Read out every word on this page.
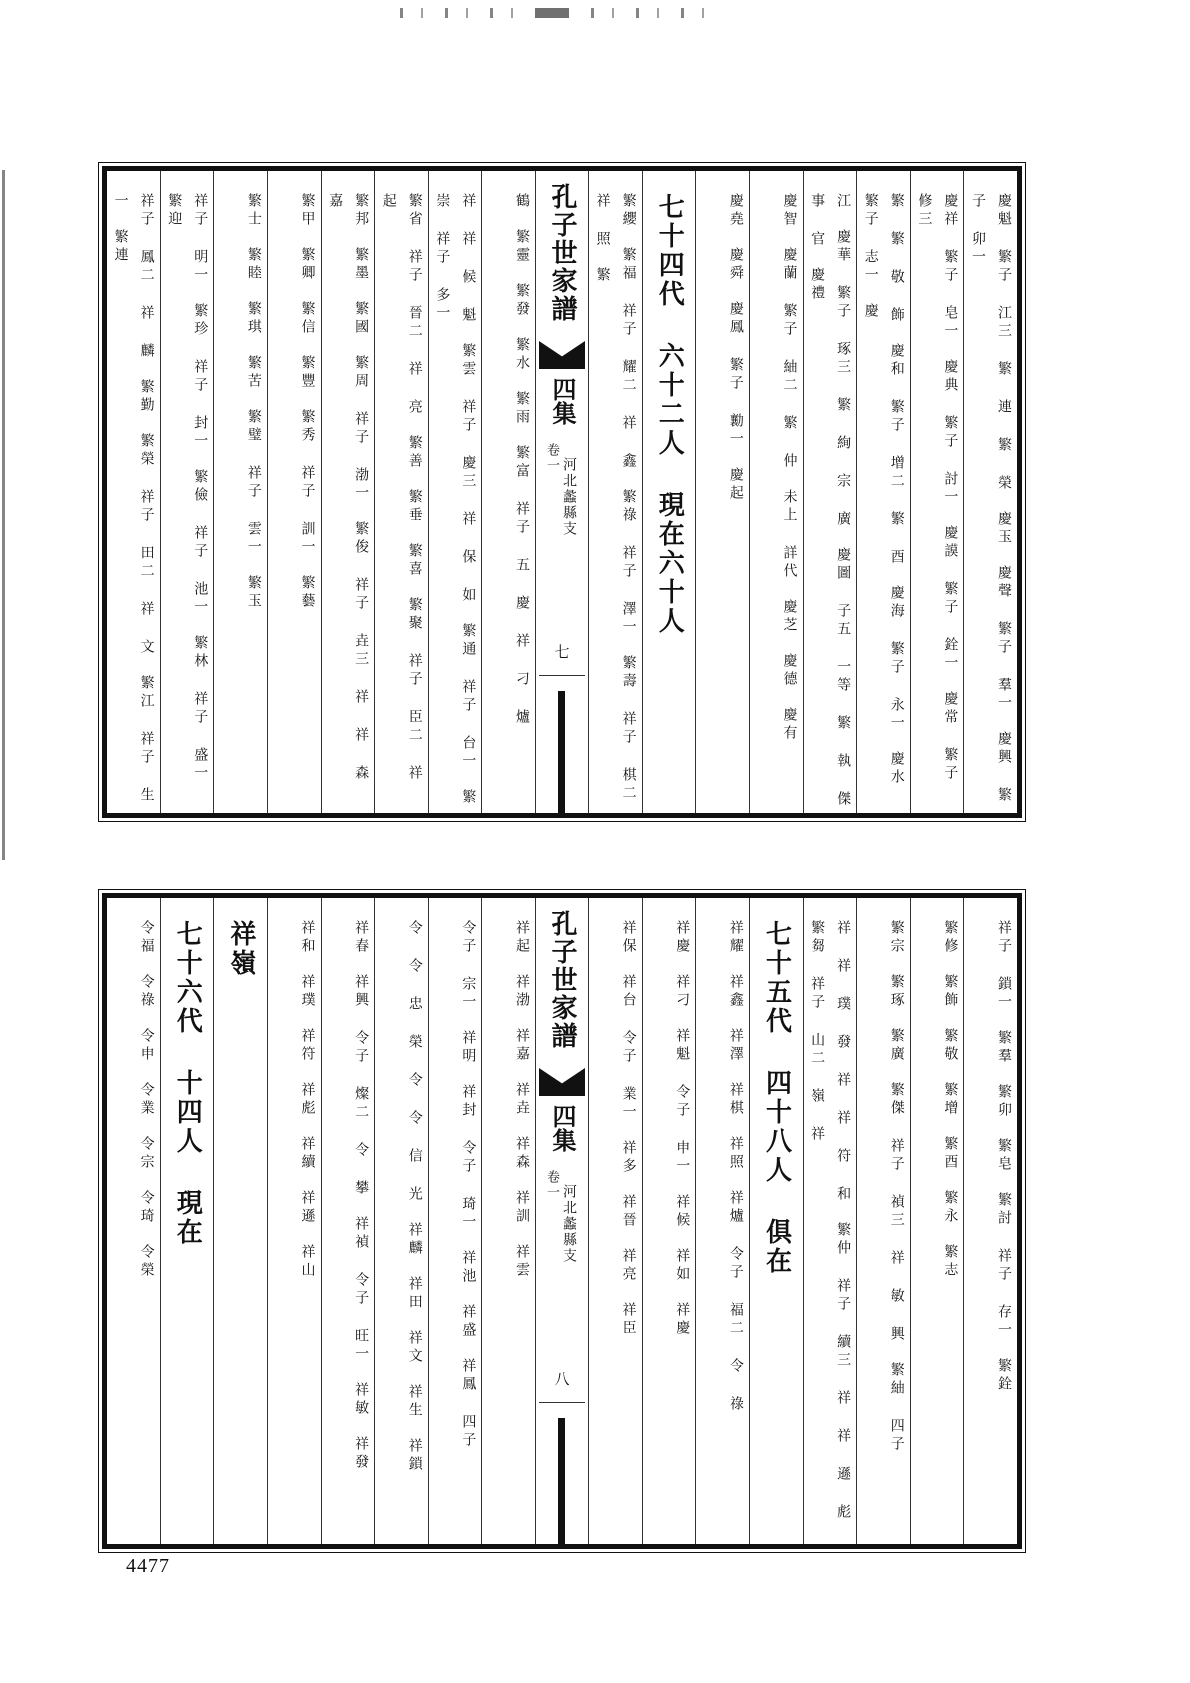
慶魁 繁子 江三 繁 連 繁 榮　慶玉　慶聲 繁子 羣一　慶興 繁子 卯一
慶祥 繁子 皂一　慶典 繁子 討一　慶謨 繁子 銓一　慶常 繁子 修三
繁 繁 敬 飾　慶和 繁子 增二 繁 酉　慶海 繁子 永一　慶水 繁子 志一　慶
江　慶華 繁子 琢三 繁 絢 宗 廣　慶圖 子五 一等 繁 執 傑 事 官　慶禮
慶智　慶蘭 繁子 紬二 繁 仲　未上 詳代　慶芝　慶德　慶有
慶堯　慶舜　慶鳳 繁子 勷一　慶起
七十四代 六十二人 現在六十人
繁纓　繁福 祥子 耀二 祥 鑫　繁祿 祥子 澤一　繁壽 祥子 棋二 祥 照　繁
孔子世家譜
四集
卷一 河北蠡縣支
七
鶴　繁靈　繁發　繁水　繁雨　繁富 祥子 五 慶 祥 刁 爐
祥 祥 候 魁　繁雲 祥子 慶三 祥 保 如　繁通 祥子 台一　繁崇 祥子 多一
繁省 祥子 晉二 祥 亮　繁善　繁垂　繁喜　繁聚 祥子 臣二 祥 起
繁邦　繁墨　繁國　繁周 祥子 渤一　繁俊 祥子 垚三 祥 祥 森 嘉
繁甲　繁卿　繁信　繁豐　繁秀 祥子 訓一　繁藝
繁士　繁睦　繁琪　繁苦　繁璧 祥子 雲一　繁玉
祥子 明一　繁珍 祥子 封一　繁儉 祥子 池一　繁林 祥子 盛一　繁迎
祥子 鳳二 祥 麟　繁勤　繁榮 祥子 田二 祥 文　繁江 祥子 生一　繁連
祥子 鎖一　繁羣　繁卯　繁皂　繁討 祥子 存一　繁銓
繁修　繁飾　繁敬　繁增　繁酉　繁永　繁志
繁宗　繁琢　繁廣　繁傑 祥子 禎三 祥 敏 興　繁紬 四子
祥 祥 璞 發 祥 祥 符 和　繁仲 祥子 續三 祥 祥 遜 彪　繁芻 祥子 山二 嶺 祥
七十五代 四十八人 俱在
祥耀　祥鑫　祥澤　祥棋　祥照　祥爐 令子 福二 令 祿
祥慶　祥刁　祥魁 令子 申一　祥候　祥如　祥慶
祥保　祥台 令子 業一　祥多　祥晉　祥亮　祥臣
孔子世家譜
四集
卷一 河北蠡縣支
八
祥起　祥渤　祥嘉　祥垚　祥森　祥訓　祥雲
令子 宗一　祥明　祥封 令子 琦一　祥池　祥盛　祥鳳 四子
令 令 忠 榮 令 令 信 光　祥麟　祥田　祥文　祥生　祥鎖
祥春　祥興 令子 燦二 令 攀　祥禎 令子 旺一　祥敏　祥發
祥和　祥璞　祥符　祥彪　祥續　祥遜　祥山
祥嶺
七十六代 十四人 現在
令福　令祿　令申　令業　令宗　令琦　令榮
4477
